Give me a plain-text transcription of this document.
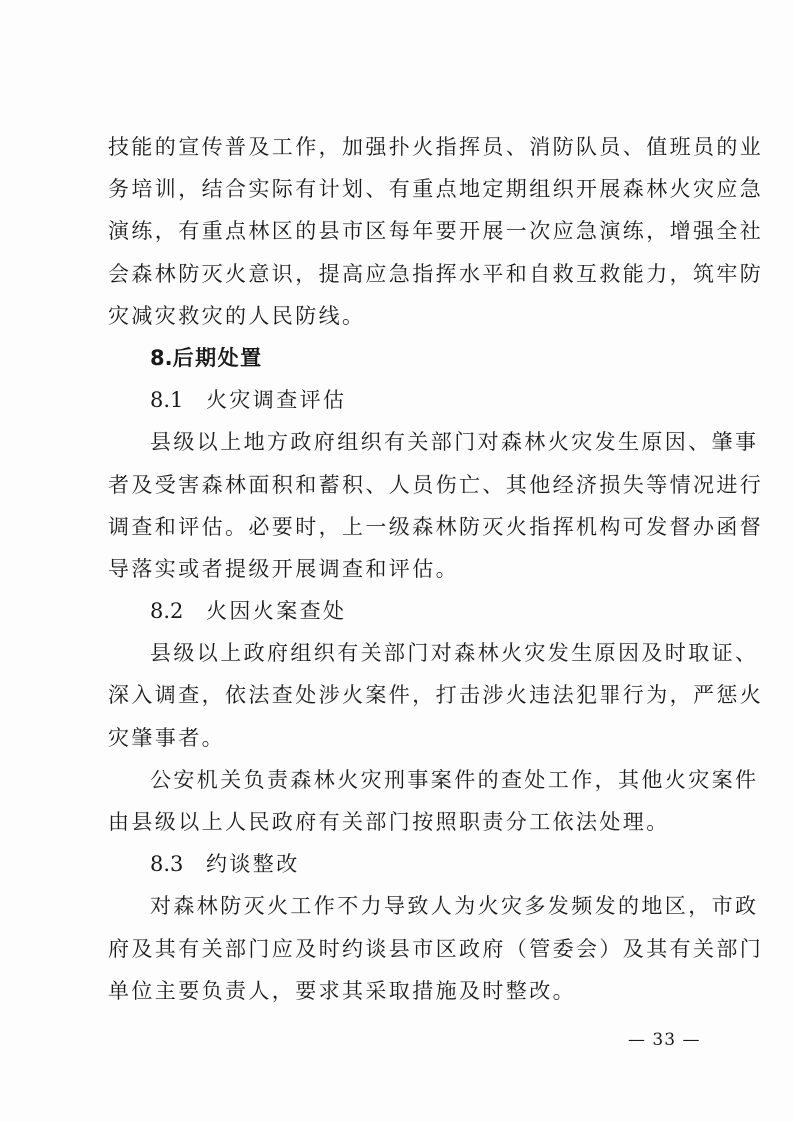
技能的宣传普及工作，加强扑火指挥员、消防队员、值班员的业
务培训，结合实际有计划、有重点地定期组织开展森林火灾应急
演练，有重点林区的县市区每年要开展一次应急演练，增强全社
会森林防灭火意识，提高应急指挥水平和自救互救能力，筑牢防
灾减灾救灾的人民防线。
8.后期处置
8.1 火灾调查评估
县级以上地方政府组织有关部门对森林火灾发生原因、肇事
者及受害森林面积和蓄积、人员伤亡、其他经济损失等情况进行
调查和评估。必要时，上一级森林防灭火指挥机构可发督办函督
导落实或者提级开展调查和评估。
8.2 火因火案查处
县级以上政府组织有关部门对森林火灾发生原因及时取证、
深入调查，依法查处涉火案件，打击涉火违法犯罪行为，严惩火
灾肇事者。
公安机关负责森林火灾刑事案件的查处工作，其他火灾案件
由县级以上人民政府有关部门按照职责分工依法处理。
8.3 约谈整改
对森林防灭火工作不力导致人为火灾多发频发的地区，市政
府及其有关部门应及时约谈县市区政府（管委会）及其有关部门
单位主要负责人，要求其采取措施及时整改。
— 33 —
